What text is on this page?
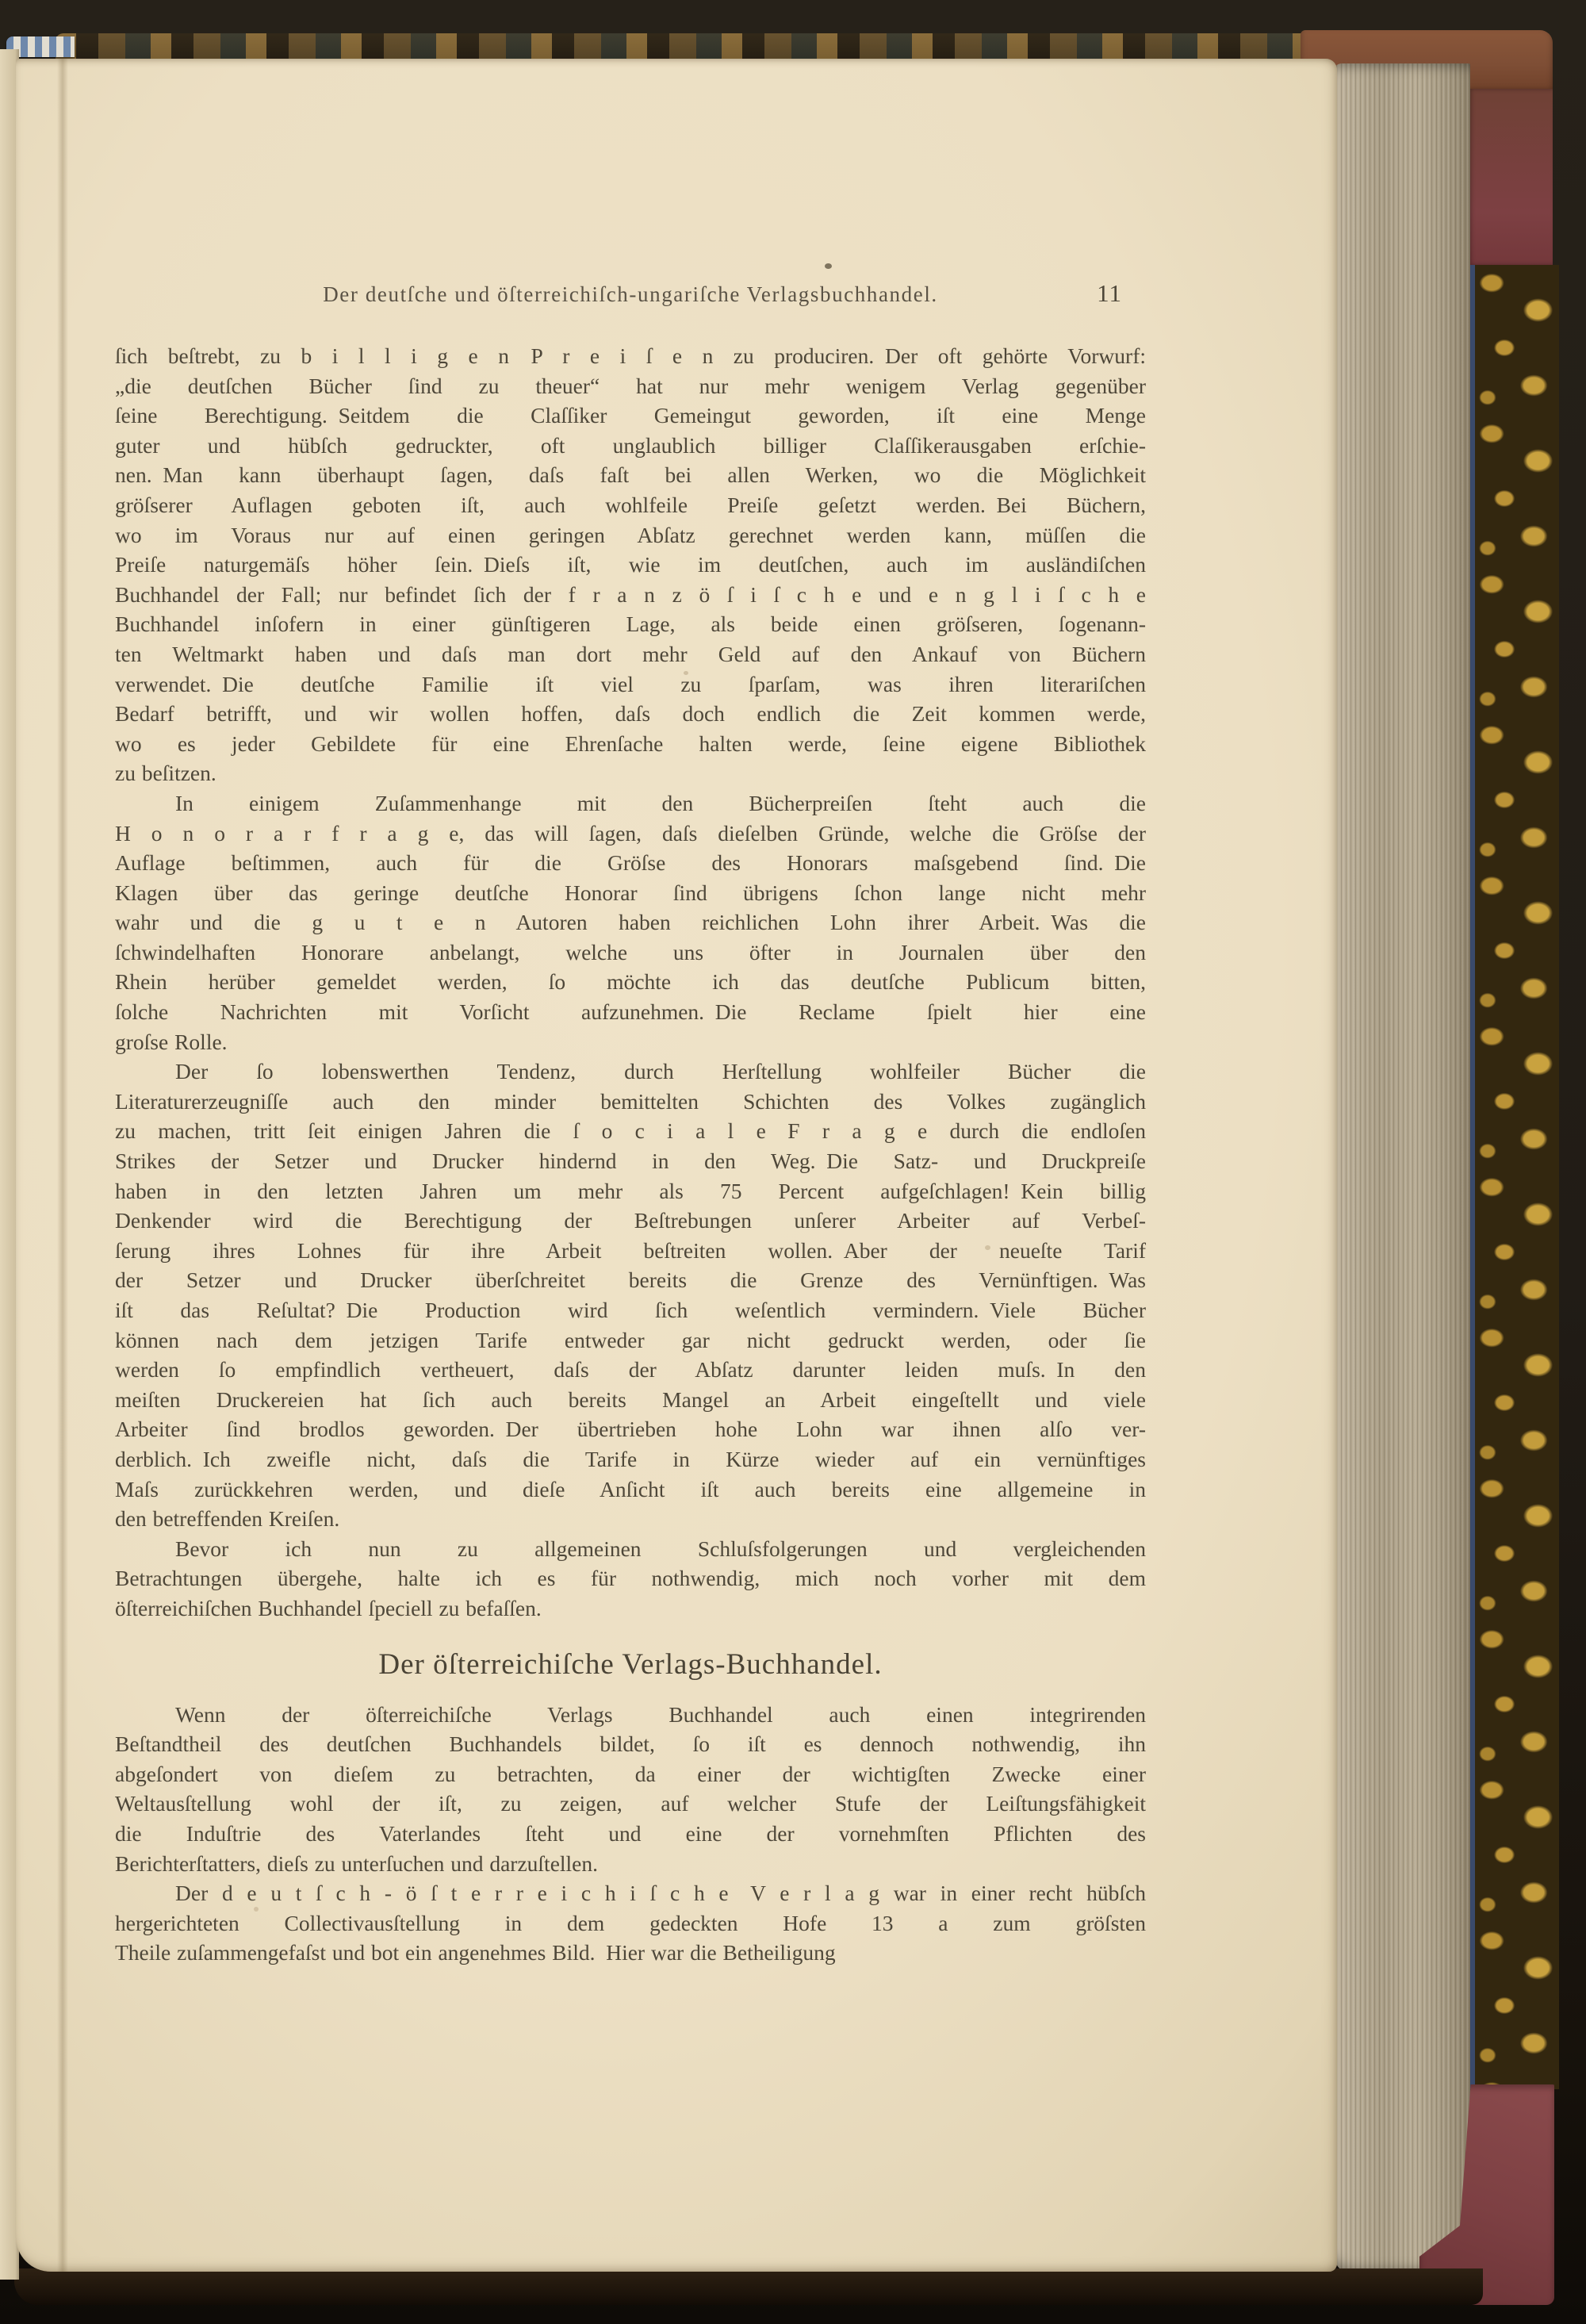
Der deutſche und öſterreichiſch-ungariſche Verlagsbuchhandel.	11
ſich beſtrebt, zu b i l l i g e n P r e i ſ e n zu produciren. Der oft gehörte Vorwurf:
„die deutſchen Bücher ſind zu theuer“ hat nur mehr wenigem Verlag gegenüber
ſeine Berechtigung. Seitdem die Claſſiker Gemeingut geworden, iſt eine Menge
guter und hübſch gedruckter, oft unglaublich billiger Claſſikerausgaben erſchie-
nen. Man kann überhaupt ſagen, daſs faſt bei allen Werken, wo die Möglichkeit
gröſserer Auflagen geboten iſt, auch wohlfeile Preiſe geſetzt werden. Bei Büchern,
wo im Voraus nur auf einen geringen Abſatz gerechnet werden kann, müſſen die
Preiſe naturgemäſs höher ſein. Dieſs iſt, wie im deutſchen, auch im ausländiſchen
Buchhandel der Fall; nur befindet ſich der f r a n z ö ſ i ſ c h e und e n g l i ſ c h e
Buchhandel inſofern in einer günſtigeren Lage, als beide einen gröſseren, ſogenann-
ten Weltmarkt haben und daſs man dort mehr Geld auf den Ankauf von Büchern
verwendet. Die deutſche Familie iſt viel zu ſparſam, was ihren literariſchen
Bedarf betrifft, und wir wollen hoffen, daſs doch endlich die Zeit kommen werde,
wo es jeder Gebildete für eine Ehrenſache halten werde, ſeine eigene Bibliothek
zu beſitzen.
In einigem Zuſammenhange mit den Bücherpreiſen ſteht auch die
H o n o r a r f r a g e, das will ſagen, daſs dieſelben Gründe, welche die Gröſse der
Auflage beſtimmen, auch für die Gröſse des Honorars maſsgebend ſind. Die
Klagen über das geringe deutſche Honorar ſind übrigens ſchon lange nicht mehr
wahr und die g u t e n Autoren haben reichlichen Lohn ihrer Arbeit. Was die
ſchwindelhaften Honorare anbelangt, welche uns öfter in Journalen über den
Rhein herüber gemeldet werden, ſo möchte ich das deutſche Publicum bitten,
ſolche Nachrichten mit Vorſicht aufzunehmen. Die Reclame ſpielt hier eine
groſse Rolle.
Der ſo lobenswerthen Tendenz, durch Herſtellung wohlfeiler Bücher die
Literaturerzeugniſſe auch den minder bemittelten Schichten des Volkes zugänglich
zu machen, tritt ſeit einigen Jahren die ſ o c i a l e F r a g e durch die endloſen
Strikes der Setzer und Drucker hindernd in den Weg. Die Satz- und Druckpreiſe
haben in den letzten Jahren um mehr als 75 Percent aufgeſchlagen! Kein billig
Denkender wird die Berechtigung der Beſtrebungen unſerer Arbeiter auf Verbeſ-
ſerung ihres Lohnes für ihre Arbeit beſtreiten wollen. Aber der neueſte Tarif
der Setzer und Drucker überſchreitet bereits die Grenze des Vernünftigen. Was
iſt das Reſultat? Die Production wird ſich weſentlich vermindern. Viele Bücher
können nach dem jetzigen Tarife entweder gar nicht gedruckt werden, oder ſie
werden ſo empfindlich vertheuert, daſs der Abſatz darunter leiden muſs. In den
meiſten Druckereien hat ſich auch bereits Mangel an Arbeit eingeſtellt und viele
Arbeiter ſind brodlos geworden. Der übertrieben hohe Lohn war ihnen alſo ver-
derblich. Ich zweifle nicht, daſs die Tarife in Kürze wieder auf ein vernünftiges
Maſs zurückkehren werden, und dieſe Anſicht iſt auch bereits eine allgemeine in
den betreffenden Kreiſen.
Bevor ich nun zu allgemeinen Schluſsfolgerungen und vergleichenden
Betrachtungen übergehe, halte ich es für nothwendig, mich noch vorher mit dem
öſterreichiſchen Buchhandel ſpeciell zu befaſſen.
Der öſterreichiſche Verlags-Buchhandel.
Wenn der öſterreichiſche Verlags Buchhandel auch einen integrirenden
Beſtandtheil des deutſchen Buchhandels bildet, ſo iſt es dennoch nothwendig, ihn
abgeſondert von dieſem zu betrachten, da einer der wichtigſten Zwecke einer
Weltausſtellung wohl der iſt, zu zeigen, auf welcher Stufe der Leiſtungsfähigkeit
die Induſtrie des Vaterlandes ſteht und eine der vornehmſten Pflichten des
Berichterſtatters, dieſs zu unterſuchen und darzuſtellen.
Der d e u t ſ c h - ö ſ t e r r e i c h i ſ c h e V e r l a g war in einer recht hübſch
hergerichteten Collectivausſtellung in dem gedeckten Hofe 13 a zum gröſsten
Theile zuſammengefaſst und bot ein angenehmes Bild. Hier war die Betheiligung
